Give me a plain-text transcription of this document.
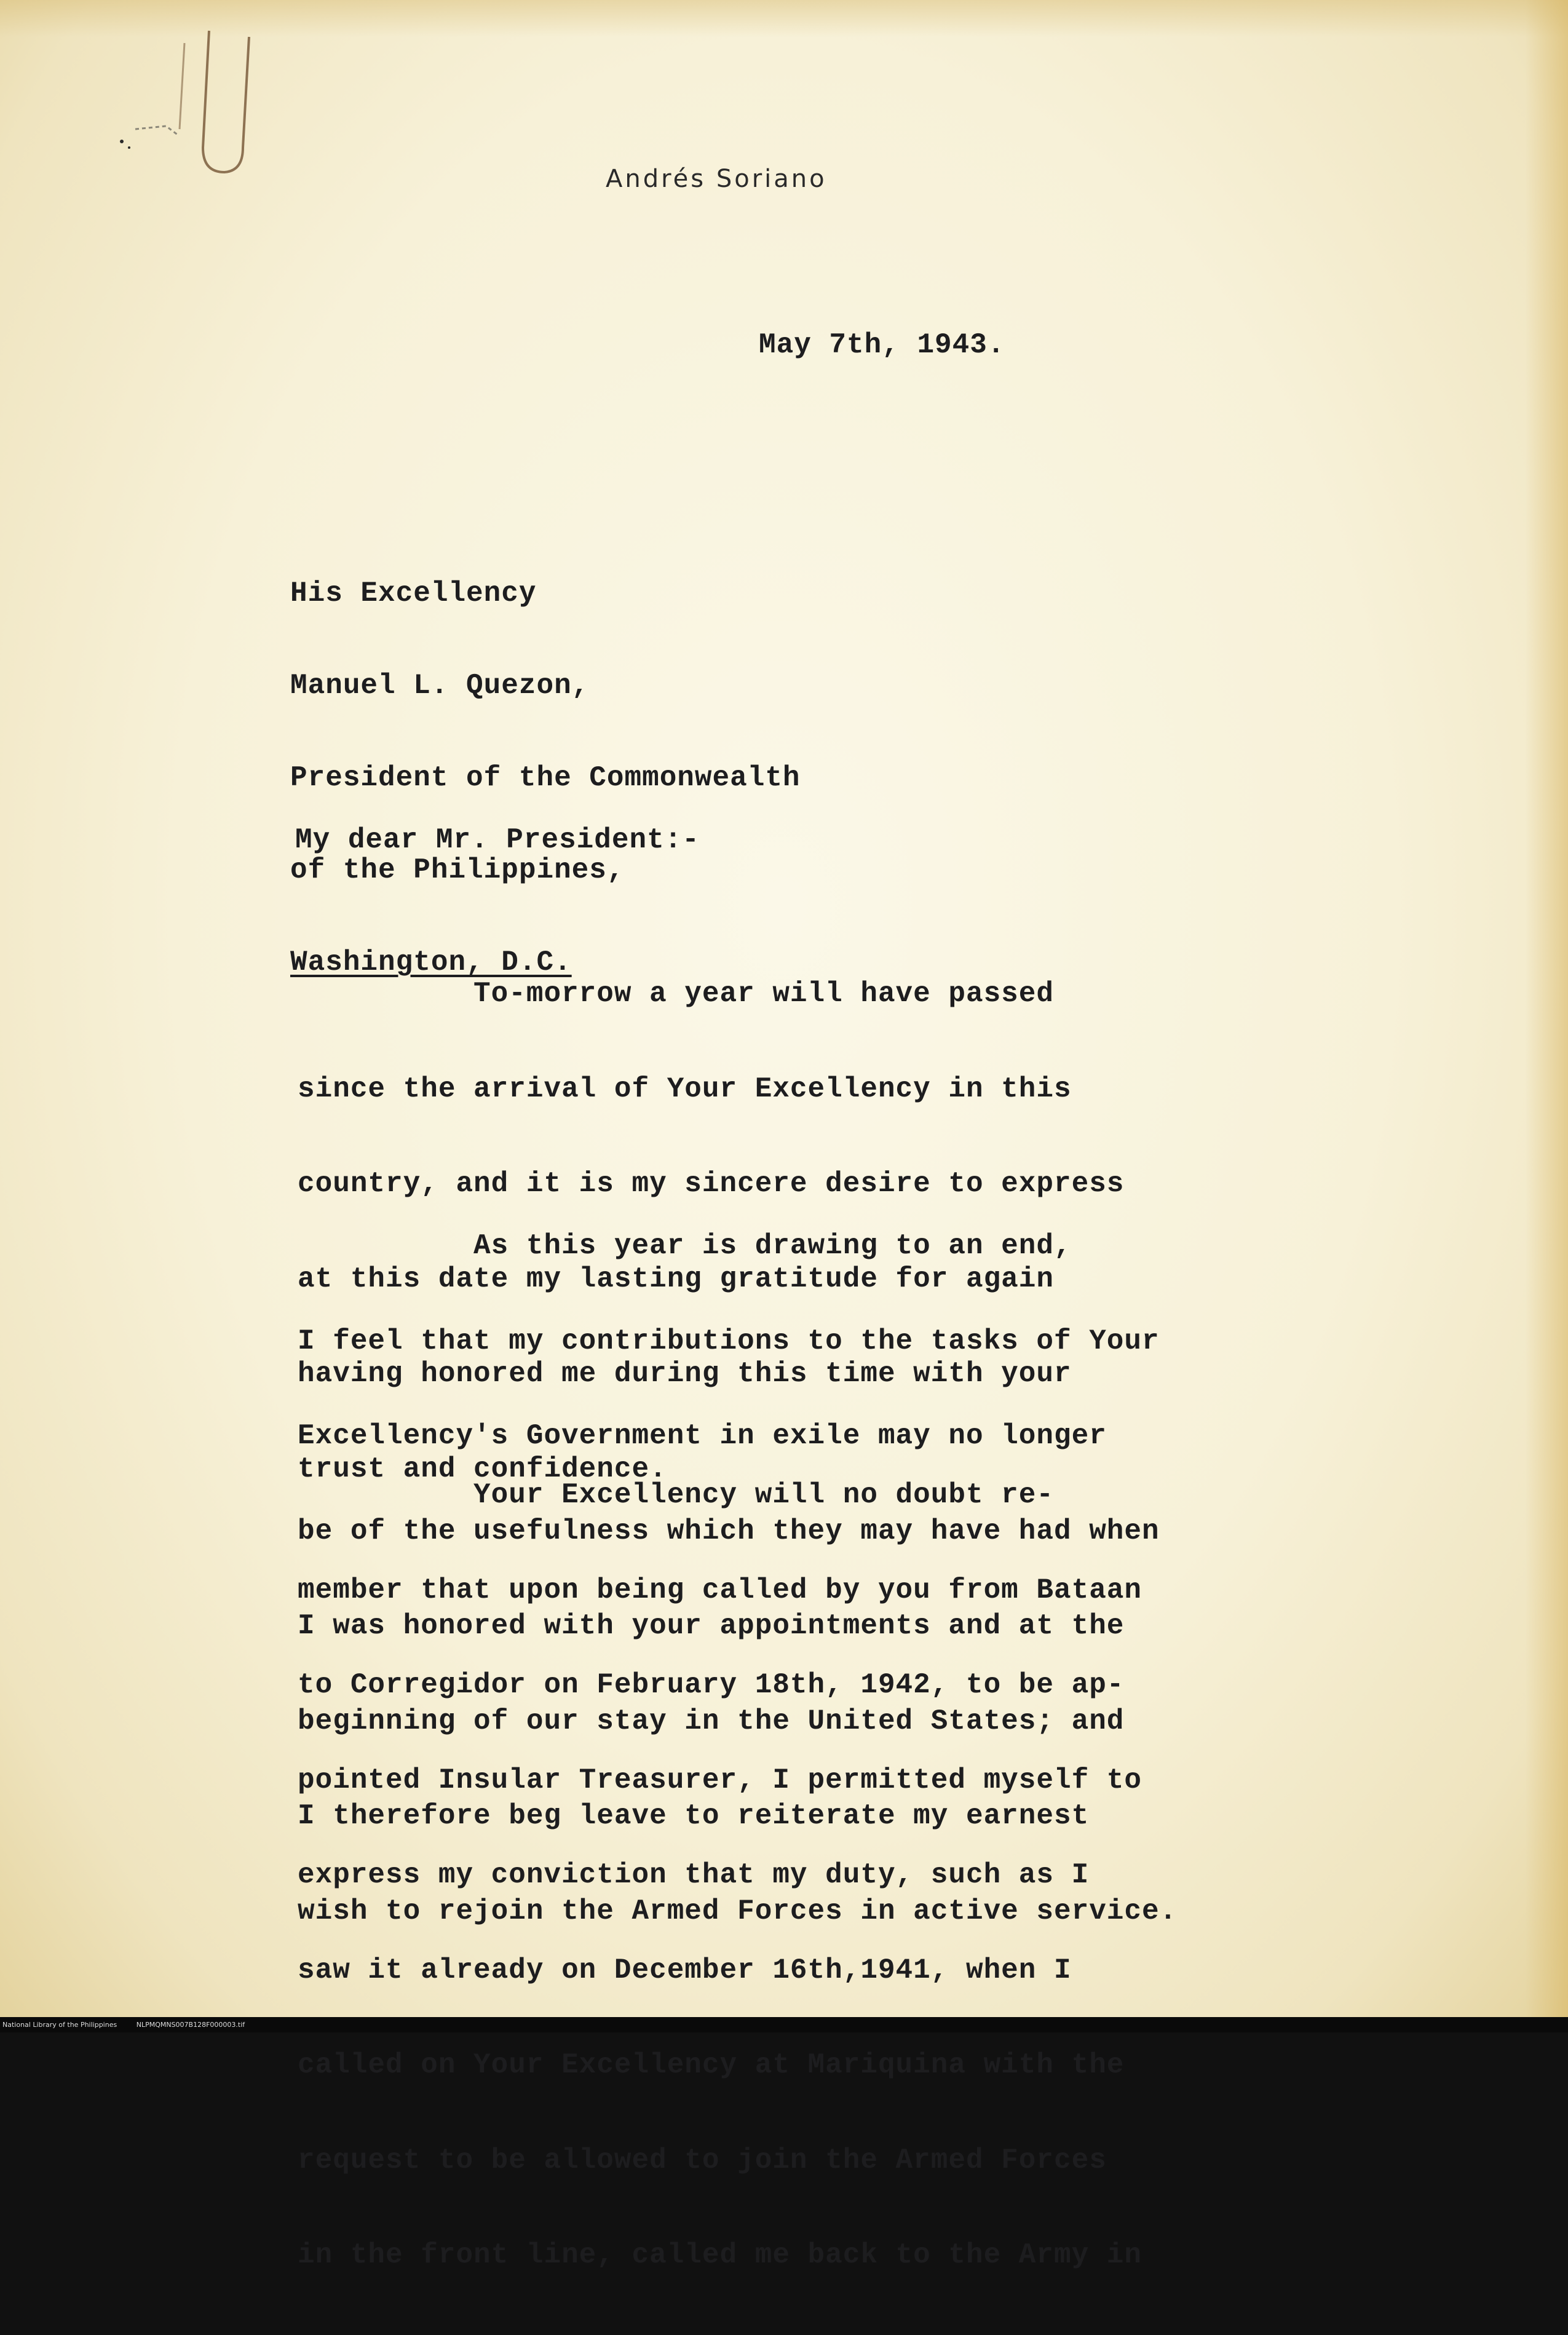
Andrés Soriano
May 7th, 1943.

His Excellency

Manuel L. Quezon,

President of the Commonwealth

of the Philippines,

Washington, D.C.

My dear Mr. President:-

To-morrow a year will have passed

since the arrival of Your Excellency in this

country, and it is my sincere desire to express

at this date my lasting gratitude for again

having honored me during this time with your

trust and confidence.

As this year is drawing to an end,

I feel that my contributions to the tasks of Your

Excellency's Government in exile may no longer

be of the usefulness which they may have had when

I was honored with your appointments and at the

beginning of our stay in the United States; and

I therefore beg leave to reiterate my earnest

wish to rejoin the Armed Forces in active service.

Your Excellency will no doubt re-

member that upon being called by you from Bataan

to Corregidor on February 18th, 1942, to be ap-

pointed Insular Treasurer, I permitted myself to

express my conviction that my duty, such as I

saw it already on December 16th,1941, when I

called on Your Excellency at Mariquina with the

request to be allowed to join the Armed Forces

in the front line, called me back to the Army in

National Library of the Philippines	NLPMQMNS007B128F000003.tif
